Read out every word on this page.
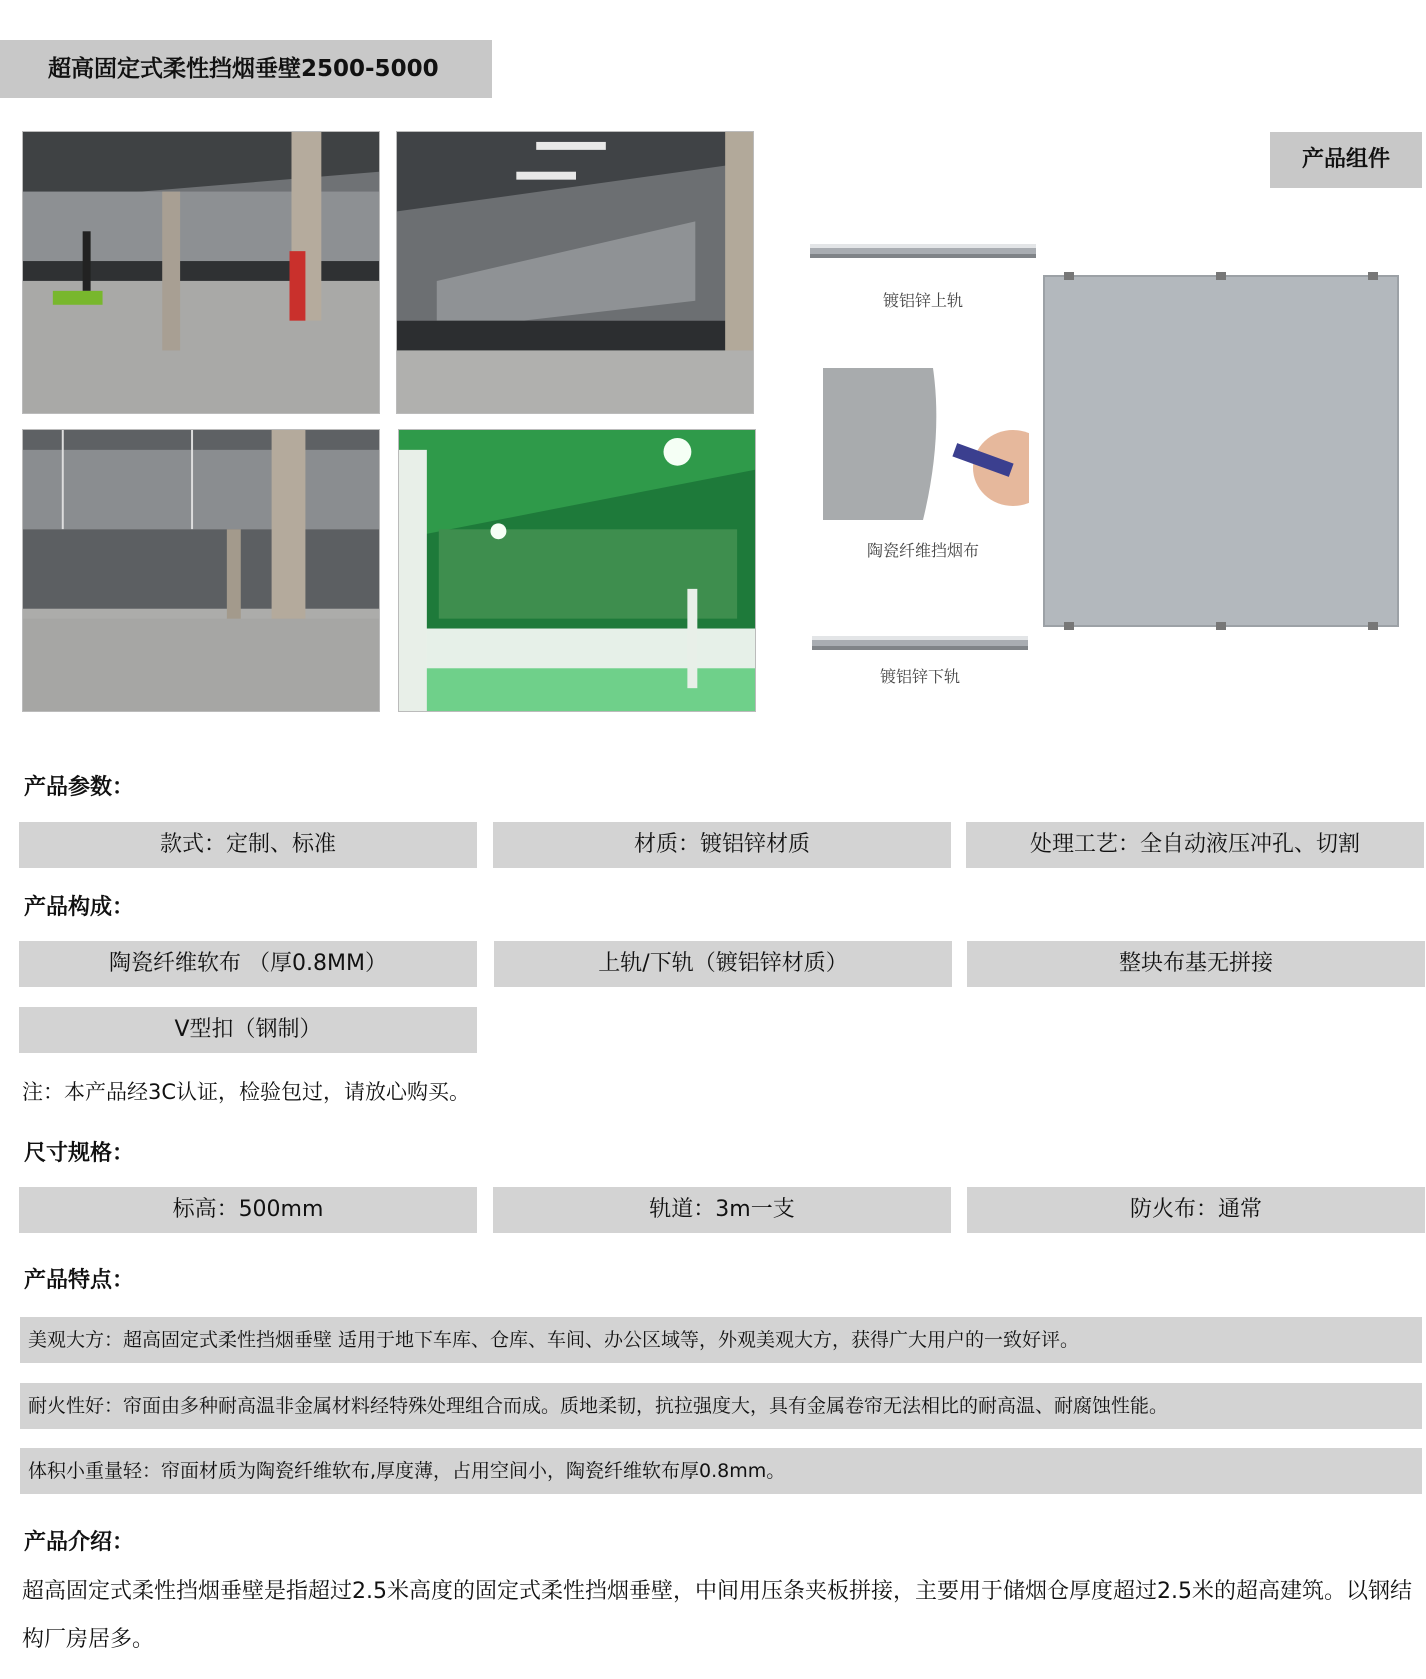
超高固定式柔性挡烟垂壁2500-5000
产品组件
镀铝锌上轨
陶瓷纤维挡烟布
镀铝锌下轨
产品参数：
款式：定制、标准	材质：镀铝锌材质	处理工艺：全自动液压冲孔、切割
产品构成：
陶瓷纤维软布 （厚0.8MM）	上轨/下轨（镀铝锌材质）	整块布基无拼接
V型扣（钢制）
注：本产品经3C认证，检验包过，请放心购买。
尺寸规格：
标高：500mm	轨道：3m一支	防火布：通常
产品特点：
美观大方：超高固定式柔性挡烟垂壁 适用于地下车库、仓库、车间、办公区域等，外观美观大方，获得广大用户的一致好评。
耐火性好：帘面由多种耐高温非金属材料经特殊处理组合而成。质地柔韧，抗拉强度大，具有金属卷帘无法相比的耐高温、耐腐蚀性能。
体积小重量轻：帘面材质为陶瓷纤维软布,厚度薄，占用空间小，陶瓷纤维软布厚0.8mm。
产品介绍：
超高固定式柔性挡烟垂壁是指超过2.5米高度的固定式柔性挡烟垂壁，中间用压条夹板拼接，主要用于储烟仓厚度超过2.5米的超高建筑。以钢结构厂房居多。
